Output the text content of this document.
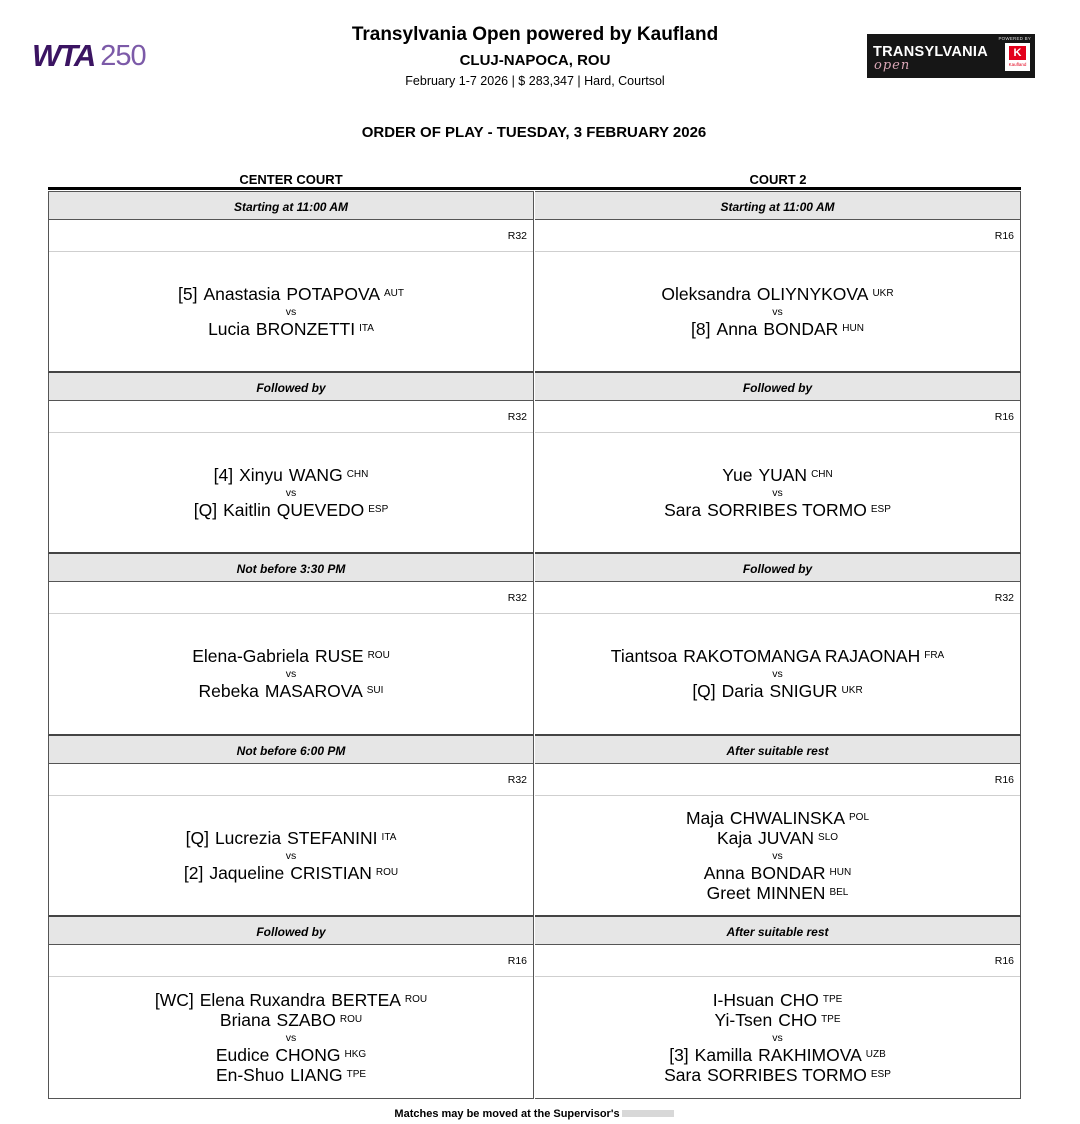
WTA 250
Transylvania Open powered by Kaufland
CLUJ-NAPOCA, ROU
February 1-7 2026 | $ 283,347 | Hard, Courtsol
TRANSYLVANIA
open
POWERED BY
K
Kaufland
ORDER OF PLAY - TUESDAY, 3 FEBRUARY 2026
CENTER COURT	COURT 2
Starting at 11:00 AM
R32
[5] Anastasia POTAPOVA $^{AUT}$
vs
Lucia BRONZETTI $^{ITA}$
Followed by
R32
[4] Xinyu WANG $^{CHN}$
vs
[Q] Kaitlin QUEVEDO $^{ESP}$
Not before 3:30 PM
R32
Elena-Gabriela RUSE $^{ROU}$
vs
Rebeka MASAROVA $^{SUI}$
Not before 6:00 PM
R32
[Q] Lucrezia STEFANINI $^{ITA}$
vs
[2] Jaqueline CRISTIAN $^{ROU}$
Followed by
R16
[WC] Elena Ruxandra BERTEA $^{ROU}$
Briana SZABO $^{ROU}$
vs
Eudice CHONG $^{HKG}$
En-Shuo LIANG $^{TPE}$
Starting at 11:00 AM
R16
Oleksandra OLIYNYKOVA $^{UKR}$
vs
[8] Anna BONDAR $^{HUN}$
Followed by
R16
Yue YUAN $^{CHN}$
vs
Sara SORRIBES TORMO $^{ESP}$
Followed by
R32
Tiantsoa RAKOTOMANGA RAJAONAH $^{FRA}$
vs
[Q] Daria SNIGUR $^{UKR}$
After suitable rest
R16
Maja CHWALINSKA $^{POL}$
Kaja JUVAN $^{SLO}$
vs
Anna BONDAR $^{HUN}$
Greet MINNEN $^{BEL}$
After suitable rest
R16
I-Hsuan CHO $^{TPE}$
Yi-Tsen CHO $^{TPE}$
vs
[3] Kamilla RAKHIMOVA $^{UZB}$
Sara SORRIBES TORMO $^{ESP}$
Matches may be moved at the Supervisor's
